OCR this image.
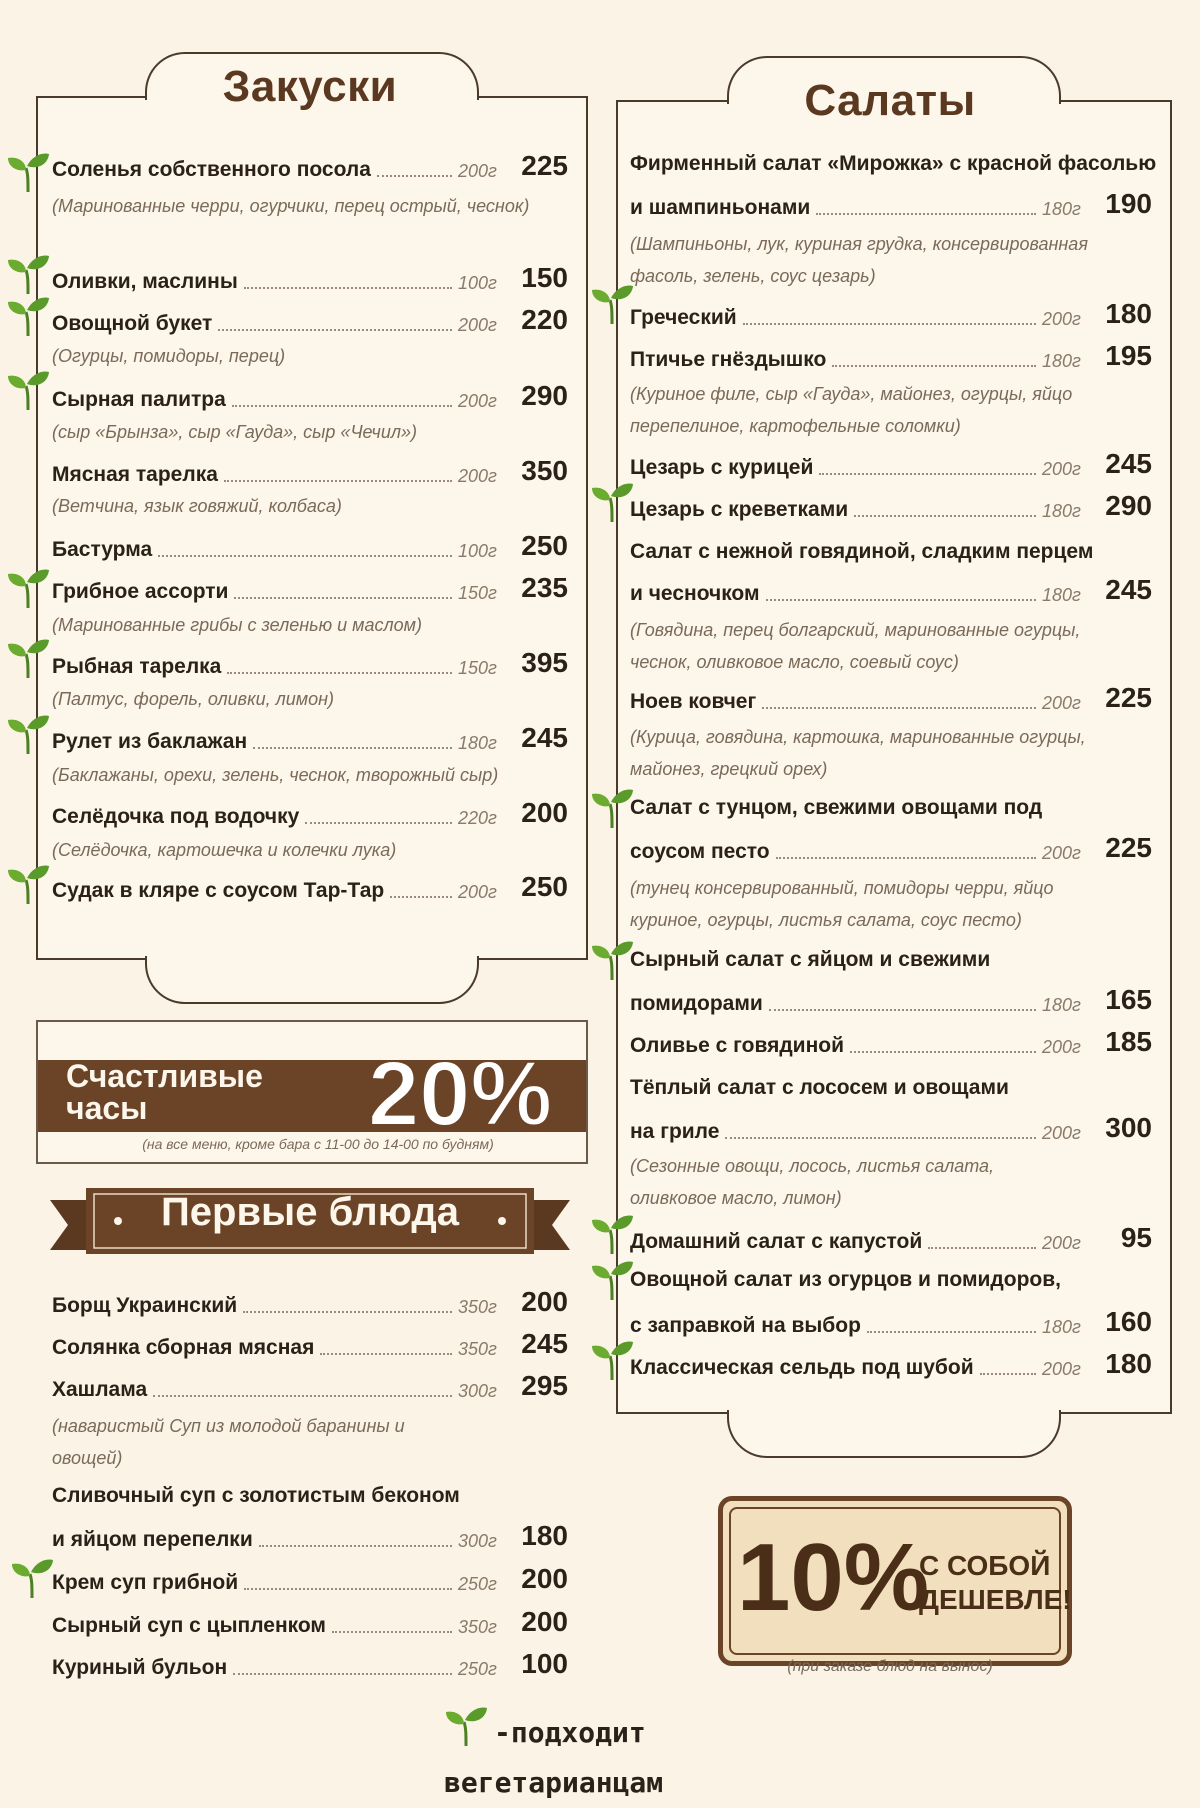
Закуски	Салаты
Счастливые
часы	20%
(на все меню, кроме бара с 11-00 до 14-00 по будням)
Первые блюда
Соленья собственного посола	200г 225
(Маринованные черри, огурчики, перец острый, чеснок)
Оливки, маслины	100г 150
Овощной букет	200г 220
(Огурцы, помидоры, перец)
Сырная палитра	200г 290
(сыр «Брынза», сыр «Гауда», сыр «Чечил»)
Мясная тарелка	200г 350
(Ветчина, язык говяжий, колбаса)
Бастурма	100г 250
Грибное ассорти	150г 235
(Маринованные грибы с зеленью и маслом)
Рыбная тарелка	150г 395
(Палтус, форель, оливки, лимон)
Рулет из баклажан	180г 245
(Баклажаны, орехи, зелень, чеснок, творожный сыр)
Селёдочка под водочку	220г 200
(Селёдочка, картошечка и колечки лука)
Судак в кляре с соусом Тар-Тар	200г 250
Борщ Украинский	350г 200
Солянка сборная мясная	350г 245
Хашлама	300г 295
(наваристый Суп из молодой баранины и овощей)
Сливочный суп с золотистым беконом
и яйцом перепелки	300г 180
Крем суп грибной	250г 200
Сырный суп с цыпленком	350г 200
Куриный бульон	250г 100
Фирменный салат «Мирожка» с красной фасолью
и шампиньонами	180г 190
(Шампиньоны, лук, куриная грудка, консервированная фасоль, зелень, соус цезарь)
Греческий	200г 180
Птичье гнёздышко	180г 195
(Куриное филе, сыр «Гауда», майонез, огурцы, яйцо перепелиное, картофельные соломки)
Цезарь с курицей	200г 245
Цезарь с креветками	180г 290
Салат с нежной говядиной, сладким перцем
и чесночком	180г 245
(Говядина, перец болгарский, маринованные огурцы, чеснок, оливковое масло, соевый соус)
Ноев ковчег	200г 225
(Курица, говядина, картошка, маринованные огурцы, майонез, грецкий орех)
Салат с тунцом, свежими овощами под
соусом песто	200г 225
(тунец консервированный, помидоры черри, яйцо куриное, огурцы, листья салата, соус песто)
Сырный салат с яйцом и свежими
помидорами	180г 165
Оливье с говядиной	200г 185
Тёплый салат с лососем и овощами
на гриле	200г 300
(Сезонные овощи, лосось, листья салата, оливковое масло, лимон)
Домашний салат с капустой	200г	95
Овощной салат из огурцов и помидоров,
с заправкой на выбор	180г 160
Классическая сельдь под шубой	200г 180
10%
С СОБОЙ
ДЕШЕВЛЕ!
(при заказе блюд на вынос)
-подходит
вегетарианцам
